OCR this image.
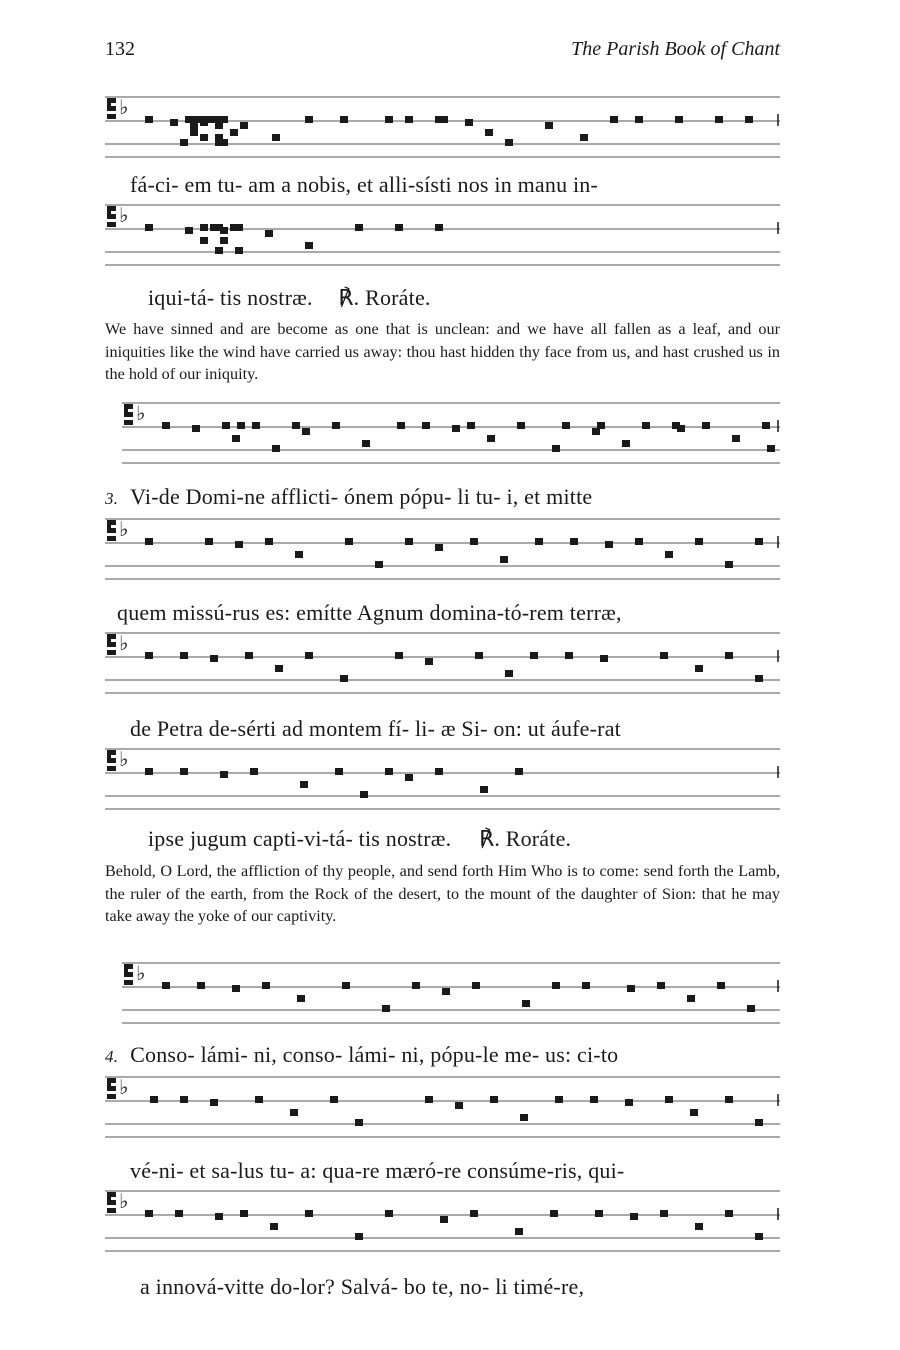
132	The Parish Book of Chant
♭
fá-ci- em tu- am a nobis, et alli-sísti nos in manu in-
♭
iqui-tá- tis nostræ. ℟. Roráte.
We have sinned and are become as one that is unclean: and we have all fallen as a leaf, and our iniquities like the wind have carried us away: thou hast hidden thy face from us, and hast crushed us in the hold of our iniquity.
♭
3. Vi-de Domi-ne afflicti- ónem pópu- li tu- i, et mitte
♭
quem missú-rus es: emítte Agnum domina-tó-rem terræ,
♭
de Petra de-sérti ad montem fí- li- æ Si- on: ut áufe-rat
♭
ipse jugum capti-vi-tá- tis nostræ. ℟. Roráte.
Behold, O Lord, the affliction of thy people, and send forth Him Who is to come: send forth the Lamb, the ruler of the earth, from the Rock of the desert, to the mount of the daughter of Sion: that he may take away the yoke of our captivity.
♭
4. Conso- lámi- ni, conso- lámi- ni, pópu-le me- us: ci-to
♭
vé-ni- et sa-lus tu- a: qua-re mæró-re consúme-ris, qui-
♭
a innová-vitte do-lor? Salvá- bo te, no- li timé-re,
